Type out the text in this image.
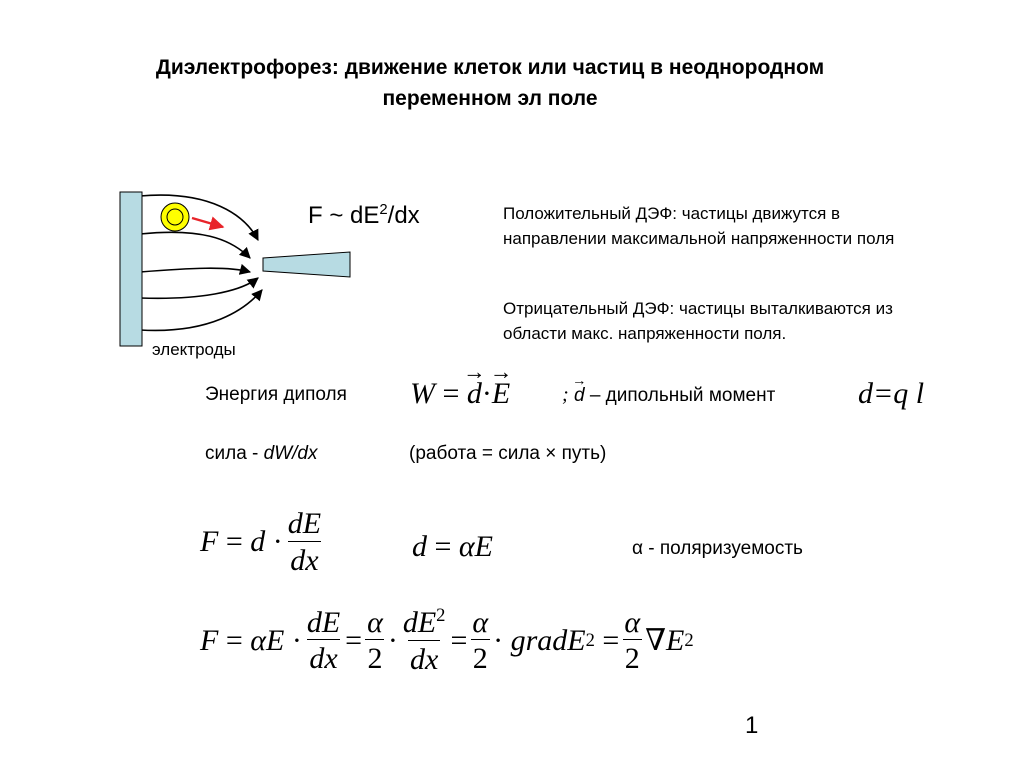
Диэлектрофорез: движение клеток или частиц в неоднородном
переменном эл поле
электроды
F ~ $dE^2/dx$	Положительный ДЭФ: частицы движутся в
направлении максимальной напряженности поля
Отрицательный ДЭФ: частицы выталкиваются из
области макс. напряженности поля.
Энергия диполя W =
→ d · → E	;
→ d
– дипольный момент	d=q l
сила - dW/dx	(работа = сила × путь)
$F = d \cdot \frac{dE}{dx}$	d = αE	α - поляризуемость
$F = \alpha E \cdot \frac{dE}{dx} = \frac{\alpha}{2} \cdot \frac{dE^2}{dx} = \frac{\alpha}{2}$ · gradE 2
= $\frac{\alpha}{2}$ ∇ E 2
1
